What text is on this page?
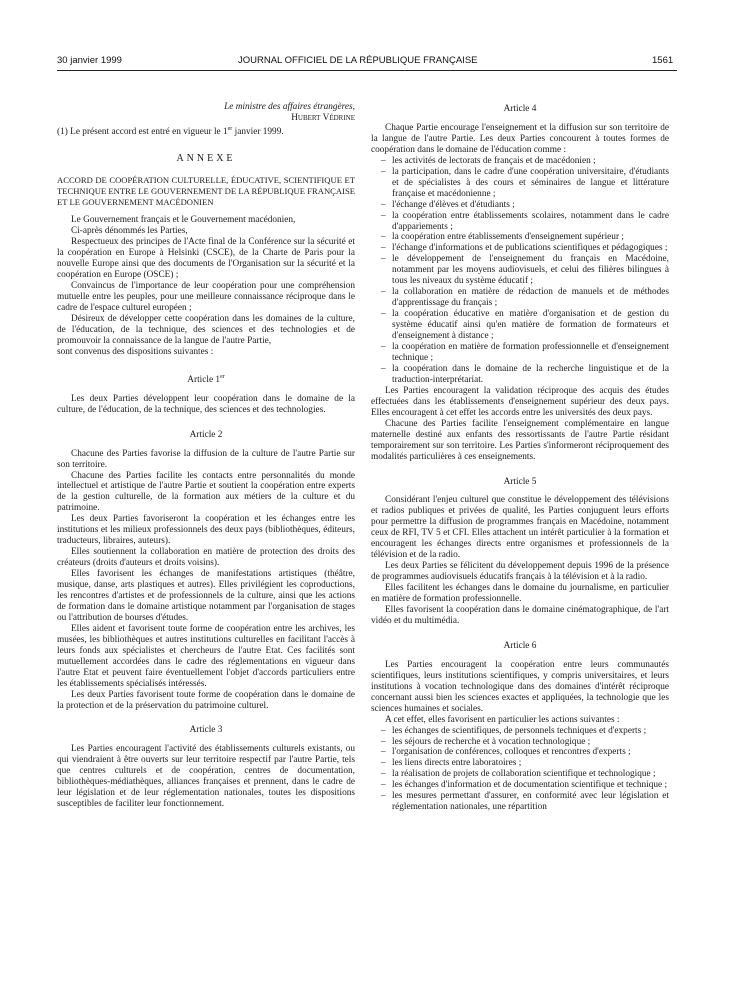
30 janvier 1999	JOURNAL OFFICIEL DE LA RÉPUBLIQUE FRANÇAISE	1561

Le ministre des affaires étrangères,

Hubert Védrine

(1) Le présent accord est entré en vigueur le 1er janvier 1999.

ANNEXE
ACCORD DE COOPÉRATION CULTURELLE, ÉDUCATIVE, SCIENTIFIQUE ET TECHNIQUE ENTRE LE GOUVERNEMENT DE LA RÉPUBLIQUE FRANÇAISE ET LE GOUVERNEMENT MACÉDONIEN

Le Gouvernement français et le Gouvernement macédonien,

Ci-après dénommés les Parties,

Respectueux des principes de l'Acte final de la Conférence sur la sécurité et la coopération en Europe à Helsinki (CSCE), de la Charte de Paris pour la nouvelle Europe ainsi que des documents de l'Organisation sur la sécurité et la coopération en Europe (OSCE) ;

Convaincus de l'importance de leur coopération pour une compréhension mutuelle entre les peuples, pour une meilleure connaissance réciproque dans le cadre de l'espace culturel européen ;

Désireux de développer cette coopération dans les domaines de la culture, de l'éducation, de la technique, des sciences et des technologies et de promouvoir la connaissance de la langue de l'autre Partie,

sont convenus des dispositions suivantes :

Article 1er

Les deux Parties développent leur coopération dans le domaine de la culture, de l'éducation, de la technique, des sciences et des technologies.

Article 2

Chacune des Parties favorise la diffusion de la culture de l'autre Partie sur son territoire.

Chacune des Parties facilite les contacts entre personnalités du monde intellectuel et artistique de l'autre Partie et soutient la coopération entre experts de la gestion culturelle, de la formation aux métiers de la culture et du patrimoine.

Les deux Parties favoriseront la coopération et les échanges entre les institutions et les milieux professionnels des deux pays (bibliothèques, éditeurs, traducteurs, libraires, auteurs).

Elles soutiennent la collaboration en matière de protection des droits des créateurs (droits d'auteurs et droits voisins).

Elles favorisent les échanges de manifestations artistiques (théâtre, musique, danse, arts plastiques et autres). Elles privilégient les coproductions, les rencontres d'artistes et de professionnels de la culture, ainsi que les actions de formation dans le domaine artistique notamment par l'organisation de stages ou l'attribution de bourses d'études.

Elles aident et favorisent toute forme de coopération entre les archives, les musées, les bibliothèques et autres institutions culturelles en facilitant l'accès à leurs fonds aux spécialistes et chercheurs de l'autre Etat. Ces facilités sont mutuellement accordées dans le cadre des réglementations en vigueur dans l'autre Etat et peuvent faire éventuellement l'objet d'accords particuliers entre les établissements spécialisés intéressés.

Les deux Parties favorisent toute forme de coopération dans le domaine de la protection et de la préservation du patrimoine culturel.

Article 3

Les Parties encouragent l'activité des établissements culturels existants, ou qui viendraient à être ouverts sur leur territoire respectif par l'autre Partie, tels que centres culturels et de coopération, centres de documentation, bibliothèques-médiathèques, alliances françaises et prennent, dans le cadre de leur législation et de leur réglementation nationales, toutes les dispositions susceptibles de faciliter leur fonctionnement.

Article 4

Chaque Partie encourage l'enseignement et la diffusion sur son territoire de la langue de l'autre Partie. Les deux Parties concourent à toutes formes de coopération dans le domaine de l'éducation comme :

– les activités de lectorats de français et de macédonien ;
– la participation, dans le cadre d'une coopération universitaire, d'étudiants et de spécialistes à des cours et séminaires de langue et littérature française et macédonienne ;
– l'échange d'élèves et d'étudiants ;
– la coopération entre établissements scolaires, notamment dans le cadre d'appariements ;
– la coopération entre établissements d'enseignement supérieur ;
– l'échange d'informations et de publications scientifiques et pédagogiques ;
– le développement de l'enseignement du français en Macédoine, notamment par les moyens audiovisuels, et celui des filières bilingues à tous les niveaux du système éducatif ;
– la collaboration en matière de rédaction de manuels et de méthodes d'apprentissage du français ;
– la coopération éducative en matière d'organisation et de gestion du système éducatif ainsi qu'en matière de formation de formateurs et d'enseignement à distance ;
– la coopération en matière de formation professionnelle et d'enseignement technique ;
– la coopération dans le domaine de la recherche linguistique et de la traduction-interprétariat.

Les Parties encouragent la validation réciproque des acquis des études effectuées dans les établissements d'enseignement supérieur des deux pays. Elles encouragent à cet effet les accords entre les universités des deux pays.

Chacune des Parties facilite l'enseignement complémentaire en langue maternelle destiné aux enfants des ressortissants de l'autre Partie résidant temporairement sur son territoire. Les Parties s'informeront réciproquement des modalités particulières à ces enseignements.

Article 5

Considérant l'enjeu culturel que constitue le développement des télévisions et radios publiques et privées de qualité, les Parties conjuguent leurs efforts pour permettre la diffusion de programmes français en Macédoine, notamment ceux de RFI, TV 5 et CFI. Elles attachent un intérêt particulier à la formation et encouragent les échanges directs entre organismes et professionnels de la télévision et de la radio.

Les deux Parties se félicitent du développement depuis 1996 de la présence de programmes audiovisuels éducatifs français à la télévision et à la radio.

Elles facilitent les échanges dans le domaine du journalisme, en particulier en matière de formation professionnelle.

Elles favorisent la coopération dans le domaine cinématographique, de l'art vidéo et du multimédia.

Article 6

Les Parties encouragent la coopération entre leurs communautés scientifiques, leurs institutions scientifiques, y compris universitaires, et leurs institutions à vocation technologique dans des domaines d'intérêt réciproque concernant aussi bien les sciences exactes et appliquées, la technologie que les sciences humaines et sociales.

A cet effet, elles favorisent en particulier les actions suivantes :

– les échanges de scientifiques, de personnels techniques et d'experts ;
– les séjours de recherche et à vocation technologique ;
– l'organisation de conférences, colloques et rencontres d'experts ;
– les liens directs entre laboratoires ;
– la réalisation de projets de collaboration scientifique et technologique ;
– les échanges d'information et de documentation scientifique et technique ;
– les mesures permettant d'assurer, en conformité avec leur législation et réglementation nationales, une répartition
